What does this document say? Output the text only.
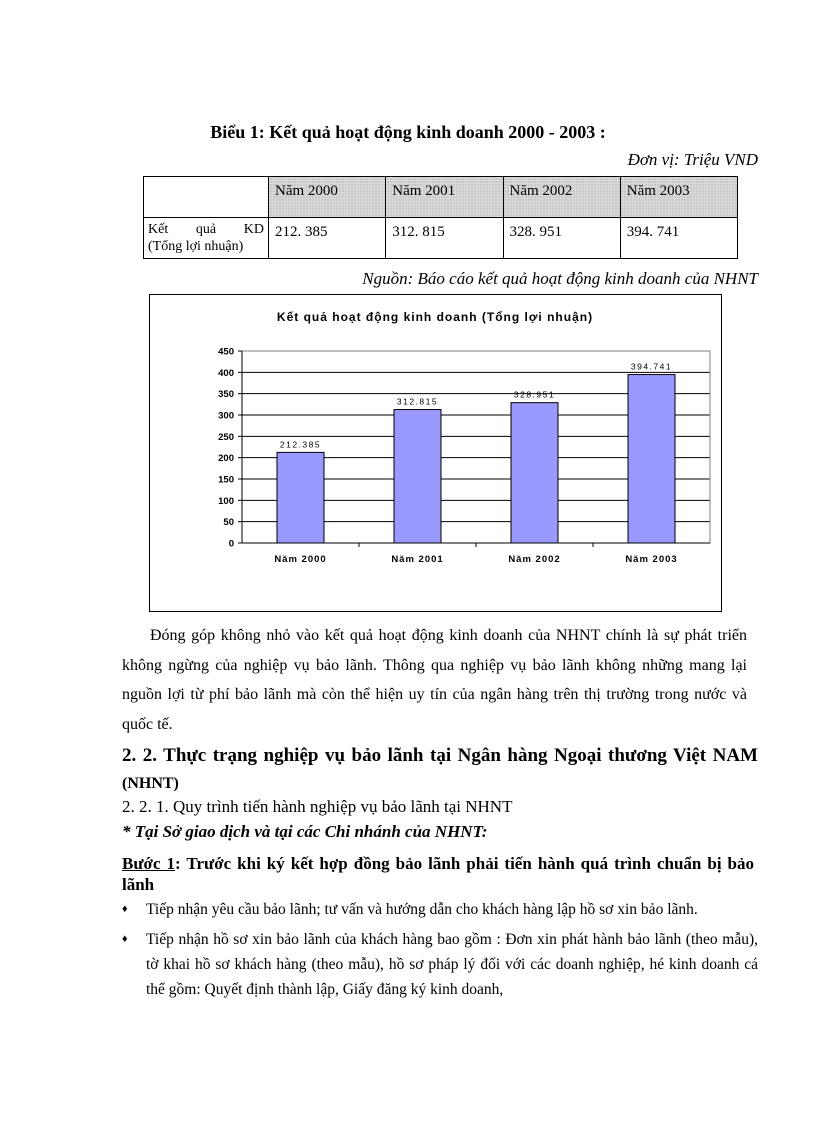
Biểu 1: Kết quả hoạt động kinh doanh 2000 - 2003 :
Đơn vị: Triệu VND
	Năm 2000	Năm 2001	Năm 2002	Năm 2003

Kết quả KD
(Tổng lợi nhuận)	212. 385	312. 815	328. 951	394. 741
Nguồn: Báo cáo kết quả hoạt động kinh doanh của NHNT
Kết quả hoạt động kinh doanh (Tổng lợi nhuận)
0
50
100
150
200
250
300
350
400
450
212.385
Năm 2000
312.815
Năm 2001
328.951
Năm 2002
394.741
Năm 2003

Đóng góp không nhỏ vào kết quả hoạt động kinh doanh của NHNT chính là sự phát triển không ngừng của nghiệp vụ bảo lãnh. Thông qua nghiệp vụ bảo lãnh không những mang lại nguồn lợi từ phí bảo lãnh mà còn thể hiện uy tín của ngân hàng trên thị trường trong nước và quốc tế.

2. 2. Thực trạng nghiệp vụ bảo lãnh tại Ngân hàng Ngoại thương Việt NAM $^{(NHNT)}$
2. 2. 1. Quy trình tiến hành nghiệp vụ bảo lãnh tại NHNT
* Tại Sở giao dịch và tại các Chi nhánh của NHNT:
Bước 1: Trước khi ký kết hợp đồng bảo lãnh phải tiến hành quá trình chuẩn bị bảo lãnh
♦ Tiếp nhận yêu cầu bảo lãnh; tư vấn và hướng dẫn cho khách hàng lập hồ sơ xin bảo lãnh.
♦ Tiếp nhận hồ sơ xin bảo lãnh của khách hàng bao gồm : Đơn xin phát hành bảo lãnh (theo mẫu), tờ khai hồ sơ khách hàng (theo mẫu), hồ sơ pháp lý đối với các doanh nghiệp, hé kinh doanh cá thể gồm: Quyết định thành lập, Giấy đăng ký kinh doanh,
